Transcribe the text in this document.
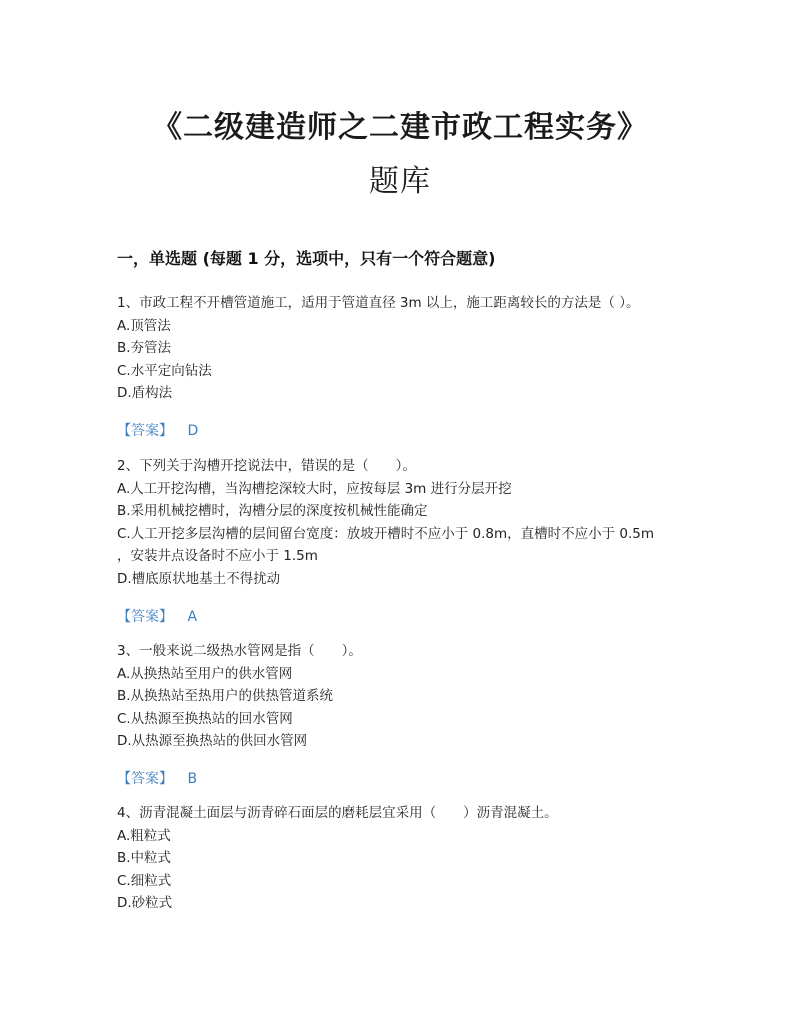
《二级建造师之二建市政工程实务》
题库
一，单选题 (每题 1 分，选项中，只有一个符合题意)
1、市政工程不开槽管道施工，适用于管道直径 3m 以上，施工距离较长的方法是（ ）。
A.顶管法
B.夯管法
C.水平定向钻法
D.盾构法
【答案】 D
2、下列关于沟槽开挖说法中，错误的是（　　）。
A.人工开挖沟槽，当沟槽挖深较大时，应按每层 3m 进行分层开挖
B.采用机械挖槽时，沟槽分层的深度按机械性能确定
C.人工开挖多层沟槽的层间留台宽度：放坡开槽时不应小于 0.8m，直槽时不应小于 0.5m
，安装井点设备时不应小于 1.5m
D.槽底原状地基土不得扰动
【答案】 A
3、一般来说二级热水管网是指（　　）。
A.从换热站至用户的供水管网
B.从换热站至热用户的供热管道系统
C.从热源至换热站的回水管网
D.从热源至换热站的供回水管网
【答案】 B
4、沥青混凝土面层与沥青碎石面层的磨耗层宜采用（　　）沥青混凝土。
A.粗粒式
B.中粒式
C.细粒式
D.砂粒式
